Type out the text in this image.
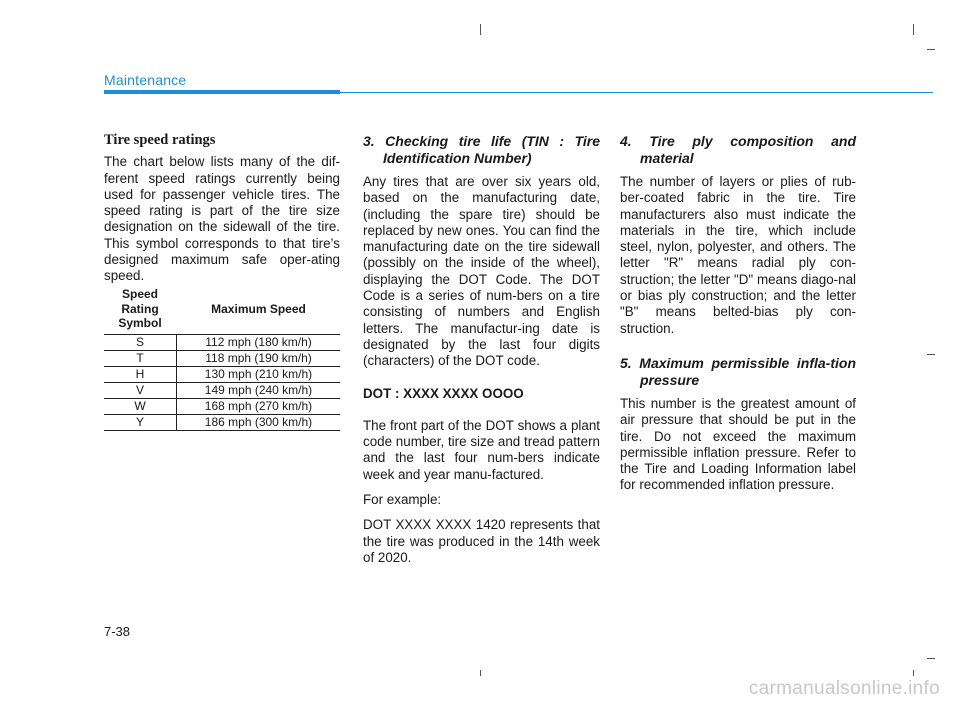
Maintenance
Tire speed ratings

The chart below lists many of the dif-ferent speed ratings currently being used for passenger vehicle tires. The speed rating is part of the tire size designation on the sidewall of the tire. This symbol corresponds to that tire’s designed maximum safe oper-ating speed.

Speed Rating Symbol	Maximum Speed
S	112 mph (180 km/h)
T	118 mph (190 km/h)
H	130 mph (210 km/h)
V	149 mph (240 km/h)
W	168 mph (270 km/h)
Y	186 mph (300 km/h)
3. Checking tire life (TIN : Tire Identification Number)

Any tires that are over six years old, based on the manufacturing date, (including the spare tire) should be replaced by new ones. You can find the manufacturing date on the tire sidewall (possibly on the inside of the wheel), displaying the DOT Code. The DOT Code is a series of num-bers on a tire consisting of numbers and English letters. The manufactur-ing date is designated by the last four digits (characters) of the DOT code.

DOT : XXXX XXXX OOOO

The front part of the DOT shows a plant code number, tire size and tread pattern and the last four num-bers indicate week and year manu-factured.

For example:

DOT XXXX XXXX 1420 represents that the tire was produced in the 14th week of 2020.

4. Tire ply composition and material

The number of layers or plies of rub-ber-coated fabric in the tire. Tire manufacturers also must indicate the materials in the tire, which include steel, nylon, polyester, and others. The letter "R" means radial ply con-struction; the letter "D" means diago-nal or bias ply construction; and the letter "B" means belted-bias ply con-struction.

5. Maximum permissible infla-tion pressure

This number is the greatest amount of air pressure that should be put in the tire. Do not exceed the maximum permissible inflation pressure. Refer to the Tire and Loading Information label for recommended inflation pressure.

7-38
carmanualsonline.info
